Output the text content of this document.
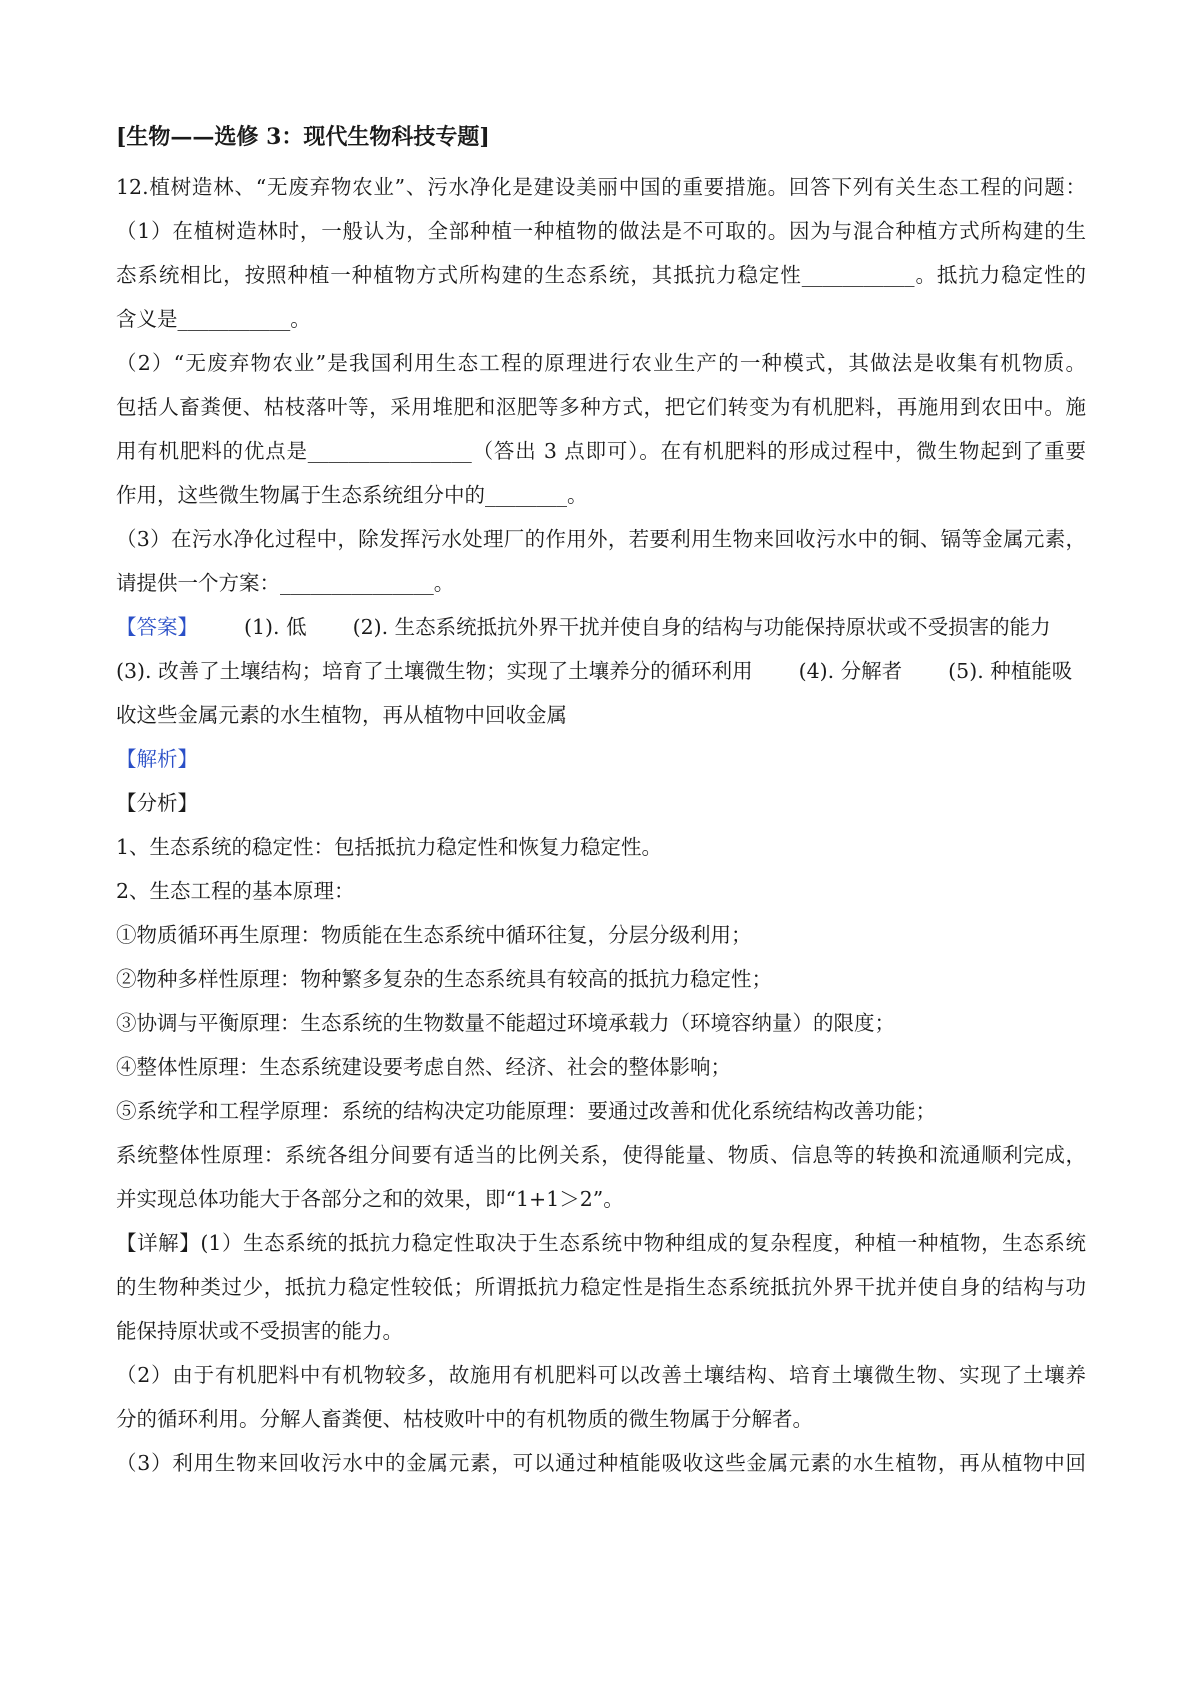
[生物——选修 3：现代生物科技专题]
12.植树造林、“无废弃物农业”、污水净化是建设美丽中国的重要措施。回答下列有关生态工程的问题：
（1）在植树造林时，一般认为，全部种植一种植物的做法是不可取的。因为与混合种植方式所构建的生
态系统相比，按照种植一种植物方式所构建的生态系统，其抵抗力稳定性___________。抵抗力稳定性的
含义是___________。
（2）“无废弃物农业”是我国利用生态工程的原理进行农业生产的一种模式，其做法是收集有机物质。
包括人畜粪便、枯枝落叶等，采用堆肥和沤肥等多种方式，把它们转变为有机肥料，再施用到农田中。施
用有机肥料的优点是________________（答出 3 点即可）。在有机肥料的形成过程中，微生物起到了重要
作用，这些微生物属于生态系统组分中的________。
（3）在污水净化过程中，除发挥污水处理厂的作用外，若要利用生物来回收污水中的铜、镉等金属元素，
请提供一个方案：_______________。
【答案】 (1). 低 (2). 生态系统抵抗外界干扰并使自身的结构与功能保持原状或不受损害的能力
(3). 改善了土壤结构；培育了土壤微生物；实现了土壤养分的循环利用 (4). 分解者 (5). 种植能吸
收这些金属元素的水生植物，再从植物中回收金属
【解析】
【分析】
1、生态系统的稳定性：包括抵抗力稳定性和恢复力稳定性。
2、生态工程的基本原理：
①物质循环再生原理：物质能在生态系统中循环往复，分层分级利用；
②物种多样性原理：物种繁多复杂的生态系统具有较高的抵抗力稳定性；
③协调与平衡原理：生态系统的生物数量不能超过环境承载力（环境容纳量）的限度；
④整体性原理：生态系统建设要考虑自然、经济、社会的整体影响；
⑤系统学和工程学原理：系统的结构决定功能原理：要通过改善和优化系统结构改善功能；
系统整体性原理：系统各组分间要有适当的比例关系，使得能量、物质、信息等的转换和流通顺利完成，
并实现总体功能大于各部分之和的效果，即“1+1＞2”。
【详解】(1）生态系统的抵抗力稳定性取决于生态系统中物种组成的复杂程度，种植一种植物，生态系统
的生物种类过少，抵抗力稳定性较低；所谓抵抗力稳定性是指生态系统抵抗外界干扰并使自身的结构与功
能保持原状或不受损害的能力。
（2）由于有机肥料中有机物较多，故施用有机肥料可以改善土壤结构、培育土壤微生物、实现了土壤养
分的循环利用。分解人畜粪便、枯枝败叶中的有机物质的微生物属于分解者。
（3）利用生物来回收污水中的金属元素，可以通过种植能吸收这些金属元素的水生植物，再从植物中回
